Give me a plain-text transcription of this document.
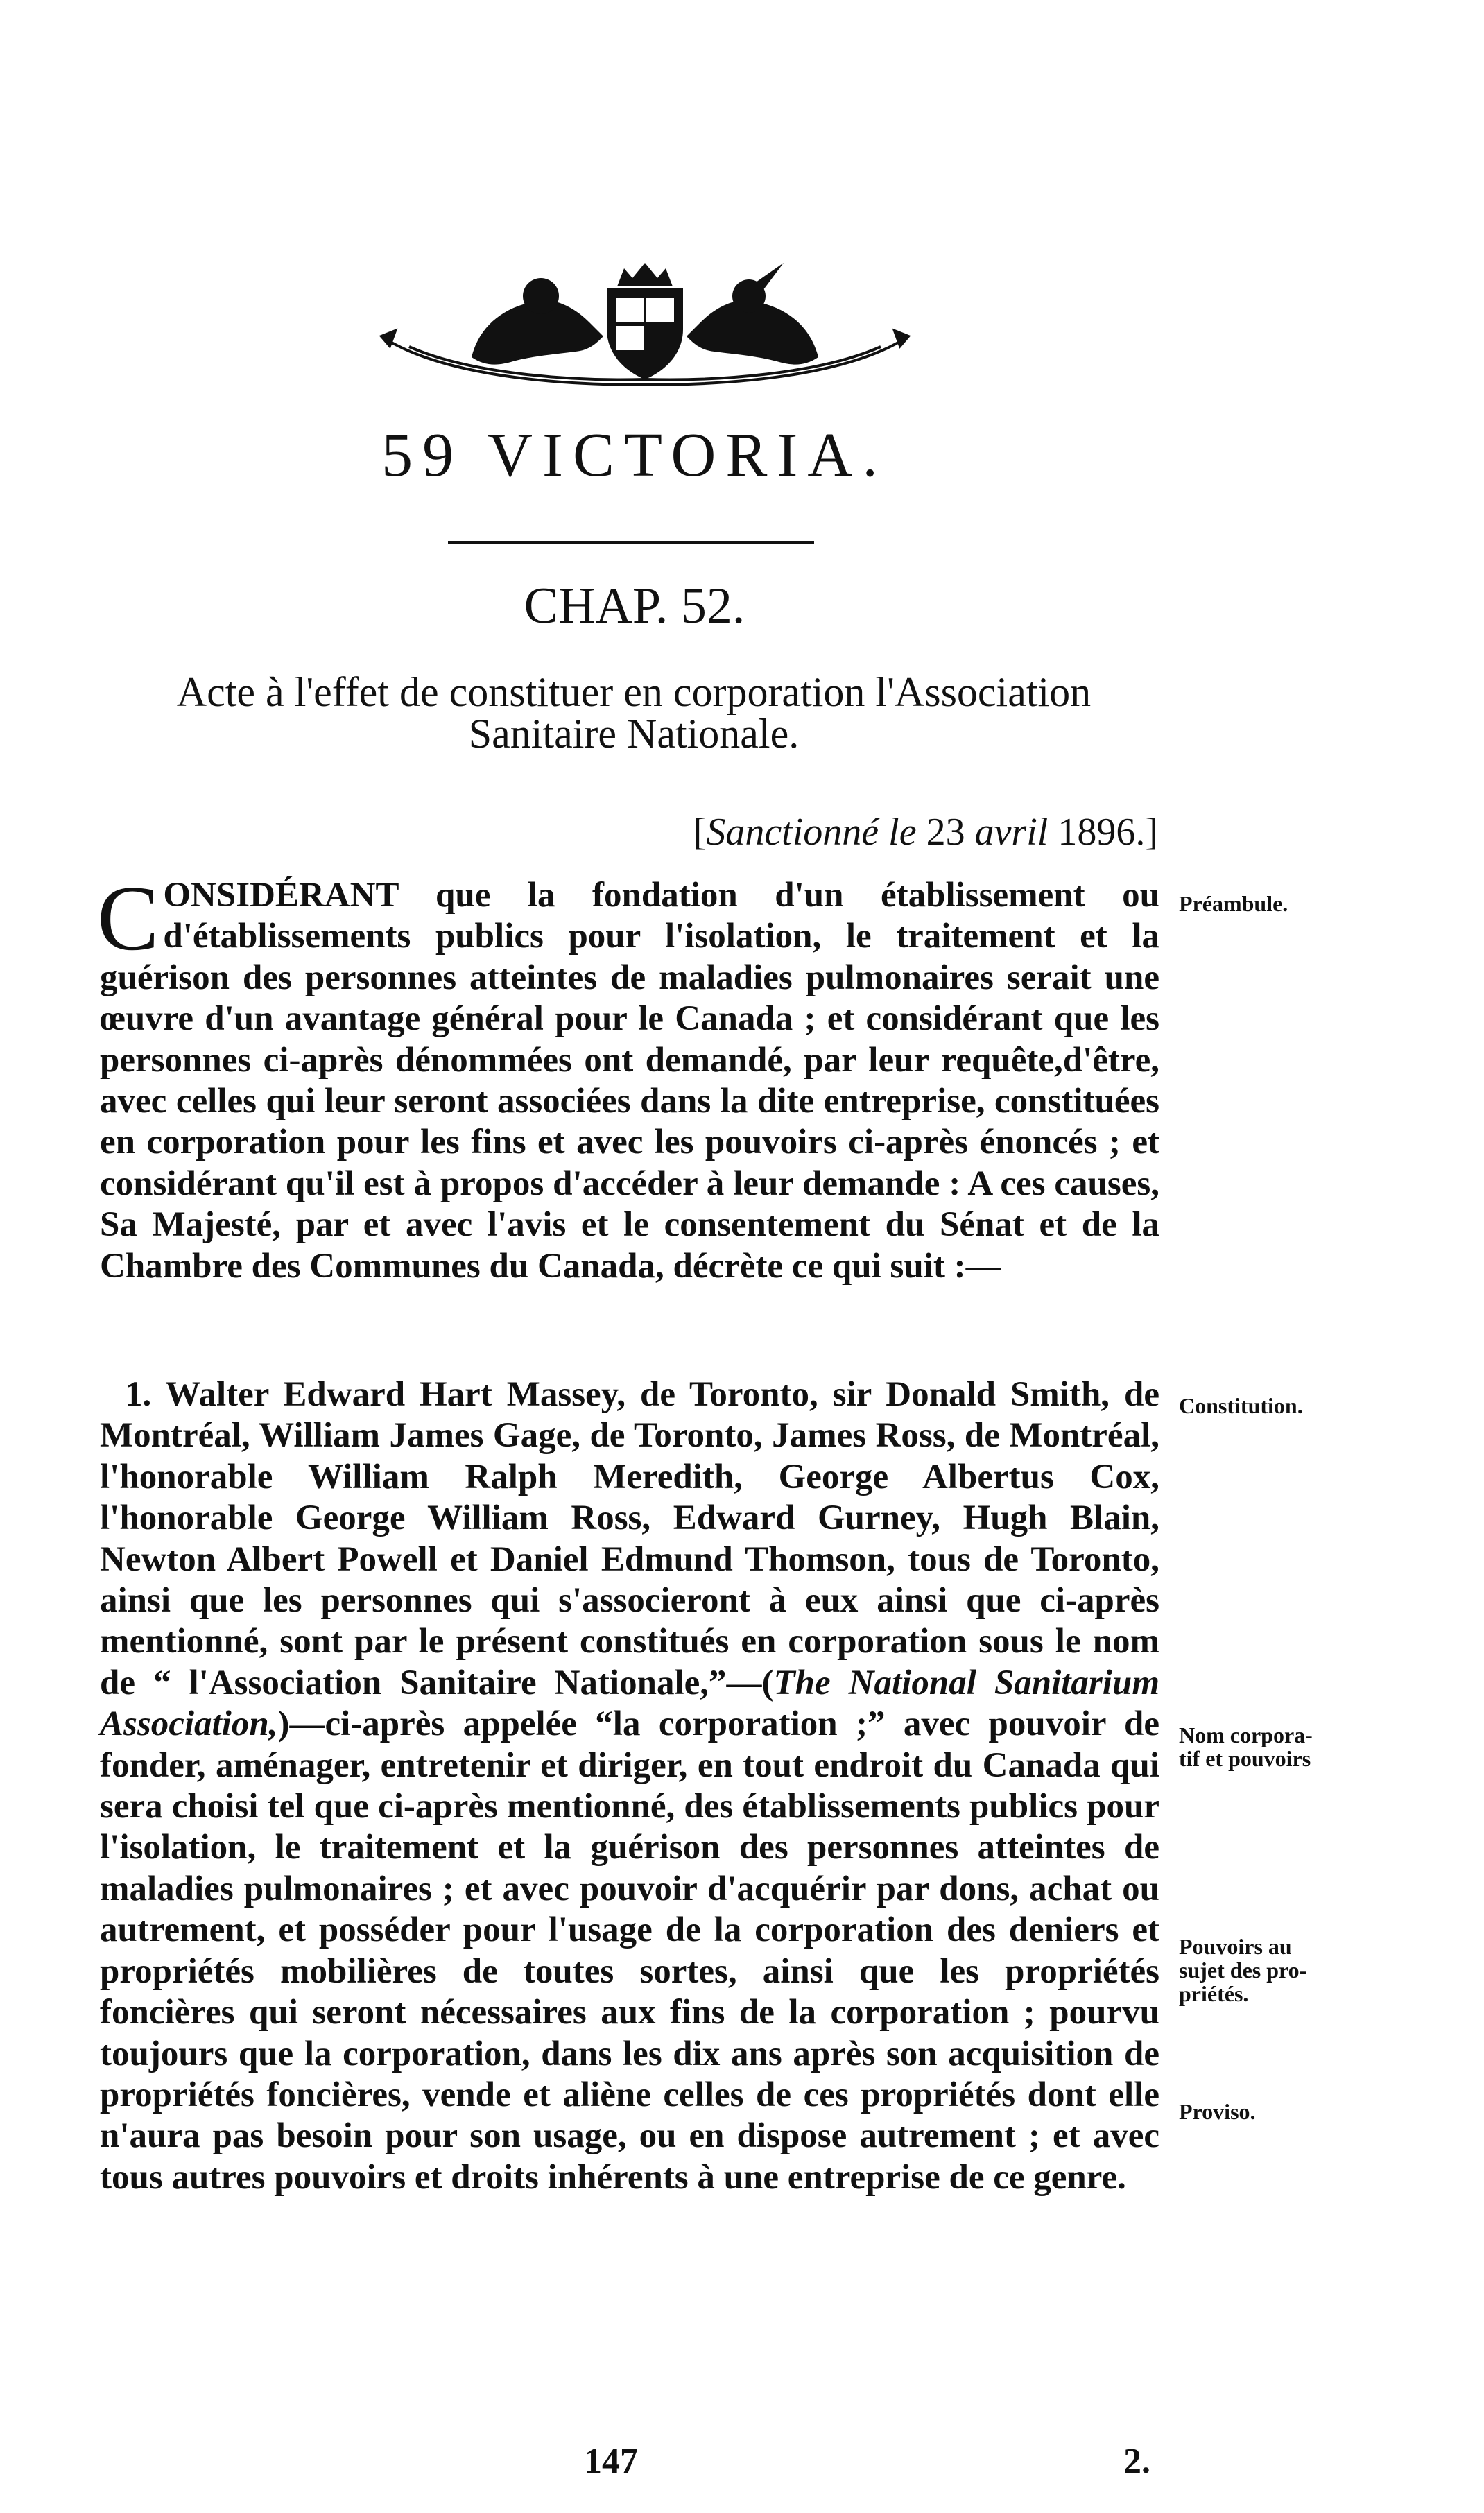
59 VICTORIA.
CHAP. 52.
Acte à l'effet de constituer en corporation l'Association Sanitaire Nationale.
[Sanctionné le 23 avril 1896.]

CONSIDÉRANT que la fondation d'un établissement ou d'établissements publics pour l'isolation, le traitement et la guérison des personnes atteintes de maladies pulmonaires serait une œuvre d'un avantage général pour le Canada ; et considérant que les personnes ci-après dénommées ont demandé, par leur requête,d'être, avec celles qui leur seront associées dans la dite entreprise, constituées en corporation pour les fins et avec les pouvoirs ci-après énoncés ; et considérant qu'il est à propos d'accéder à leur demande : A ces causes, Sa Majesté, par et avec l'avis et le consentement du Sénat et de la Chambre des Communes du Canada, décrète ce qui suit :—

1. Walter Edward Hart Massey, de Toronto, sir Donald Smith, de Montréal, William James Gage, de Toronto, James Ross, de Montréal, l'honorable William Ralph Meredith, George Albertus Cox, l'honorable George William Ross, Edward Gurney, Hugh Blain, Newton Albert Powell et Daniel Edmund Thomson, tous de Toronto, ainsi que les personnes qui s'associeront à eux ainsi que ci-après mentionné, sont par le présent constitués en corporation sous le nom de “ l'Association Sanitaire Nationale,”—(The National Sanitarium Association,)—ci-après appelée “la corporation ;” avec pouvoir de fonder, aménager, entretenir et diriger, en tout endroit du Canada qui sera choisi tel que ci-après mentionné, des établissements publics pour l'isolation, le traitement et la guérison des personnes atteintes de maladies pulmonaires ; et avec pouvoir d'acquérir par dons, achat ou autrement, et posséder pour l'usage de la corporation des deniers et propriétés mobilières de toutes sortes, ainsi que les propriétés foncières qui seront nécessaires aux fins de la corporation ; pourvu toujours que la corporation, dans les dix ans après son acquisition de propriétés foncières, vende et aliène celles de ces propriétés dont elle n'aura pas besoin pour son usage, ou en dispose autrement ; et avec tous autres pouvoirs et droits inhérents à une entreprise de ce genre.

Préambule.
Constitution.
Nom corpora-
tif et pouvoirs
Pouvoirs au
sujet des pro-
priétés.
Proviso.
147	2.
